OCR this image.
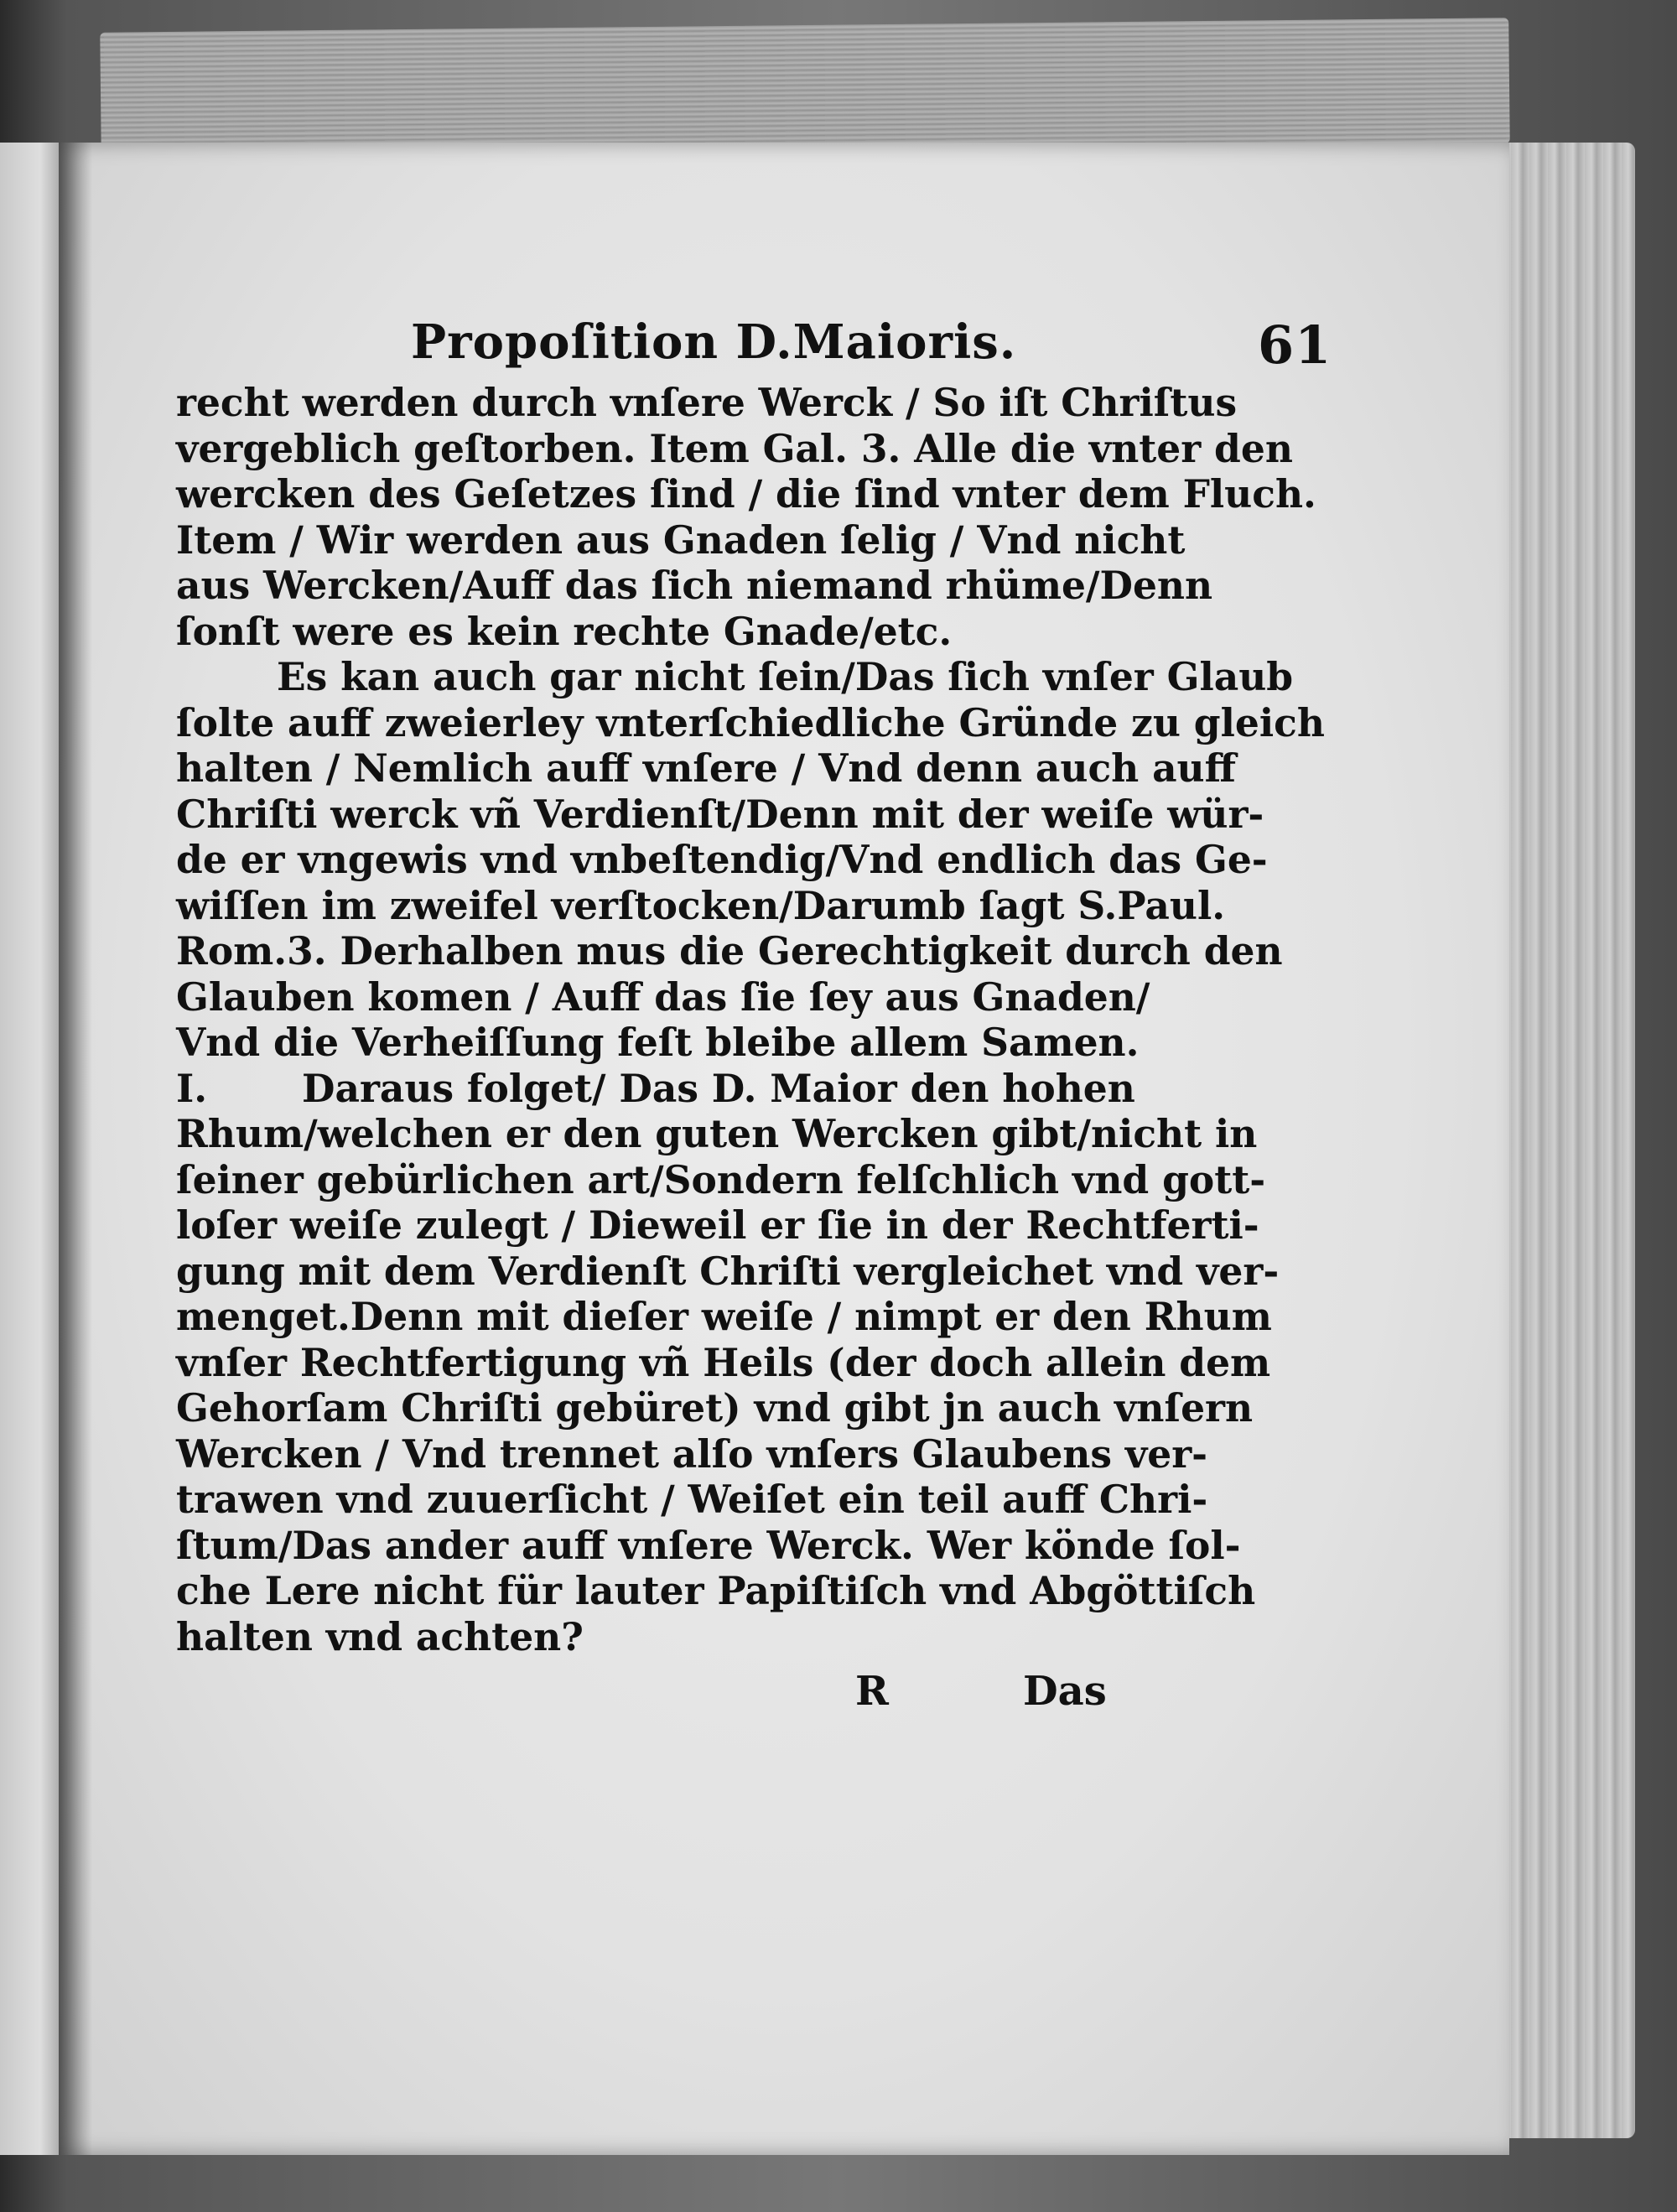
Propoſition D.Maioris.	61
recht werden durch vnſere Werck / So iſt Chriſtus
vergeblich geſtorben. Item Gal. 3. Alle die vnter den
wercken des Geſetzes ſind / die ſind vnter dem Fluch.
Item / Wir werden aus Gnaden ſelig / Vnd nicht
aus Wercken/Auff das ſich niemand rhüme/Denn
ſonſt were es kein rechte Gnade/etc.
Es kan auch gar nicht ſein/Das ſich vnſer Glaub
ſolte auff zweierley vnterſchiedliche Gründe zu gleich
halten / Nemlich auff vnſere / Vnd denn auch auff
Chriſti werck vñ Verdienſt/Denn mit der weiſe wür-
de er vngewis vnd vnbeſtendig/Vnd endlich das Ge-
wiſſen im zweifel verſtocken/Darumb ſagt S.Paul.
Rom.3. Derhalben mus die Gerechtigkeit durch den
Glauben komen / Auff das ſie ſey aus Gnaden/
Vnd die Verheiſſung feſt bleibe allem Samen.
I.	Daraus folget/ Das D. Maior den hohen
Rhum/welchen er den guten Wercken gibt/nicht in
ſeiner gebürlichen art/Sondern felſchlich vnd gott-
loſer weiſe zulegt / Dieweil er ſie in der Rechtferti-
gung mit dem Verdienſt Chriſti vergleichet vnd ver-
menget.Denn mit dieſer weiſe / nimpt er den Rhum
vnſer Rechtfertigung vñ Heils (der doch allein dem
Gehorſam Chriſti gebüret) vnd gibt jn auch vnſern
Wercken / Vnd trennet alſo vnſers Glaubens ver-
trawen vnd zuuerſicht / Weiſet ein teil auff Chri-
ſtum/Das ander auff vnſere Werck. Wer könde ſol-
che Lere nicht für lauter Papiſtiſch vnd Abgöttiſch
halten vnd achten?
R	Das
